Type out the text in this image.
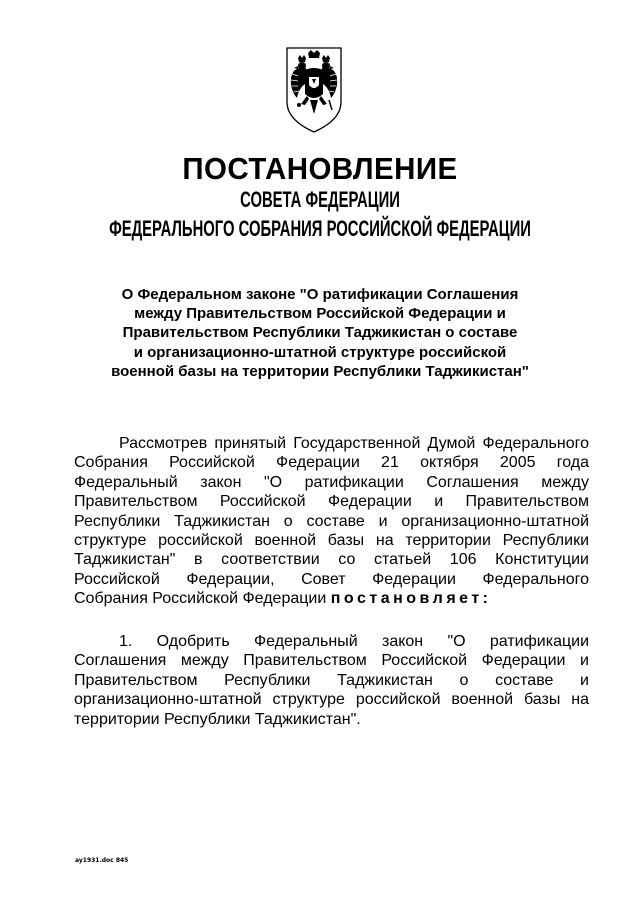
ПОСТАНОВЛЕНИЕ
СОВЕТА ФЕДЕРАЦИИ
ФЕДЕРАЛЬНОГО СОБРАНИЯ РОССИЙСКОЙ ФЕДЕРАЦИИ
О Федеральном законе "О ратификации Соглашения
между Правительством Российской Федерации и
Правительством Республики Таджикистан о составе
и организационно-штатной структуре российской
военной базы на территории Республики Таджикистан"
Рассмотрев принятый Государственной Думой Федерального
Собрания Российской Федерации 21 октября 2005 года
Федеральный закон "О ратификации Соглашения между
Правительством Российской Федерации и Правительством
Республики Таджикистан о составе и организационно-штатной
структуре российской военной базы на территории Республики
Таджикистан" в соответствии со статьей 106 Конституции
Российской Федерации, Совет Федерации Федерального
Собрания Российской Федерации постановляет:
1. Одобрить Федеральный закон "О ратификации
Соглашения между Правительством Российской Федерации и
Правительством Республики Таджикистан о составе и
организационно-штатной структуре российской военной базы на
территории Республики Таджикистан".
ay1931.doc 845
